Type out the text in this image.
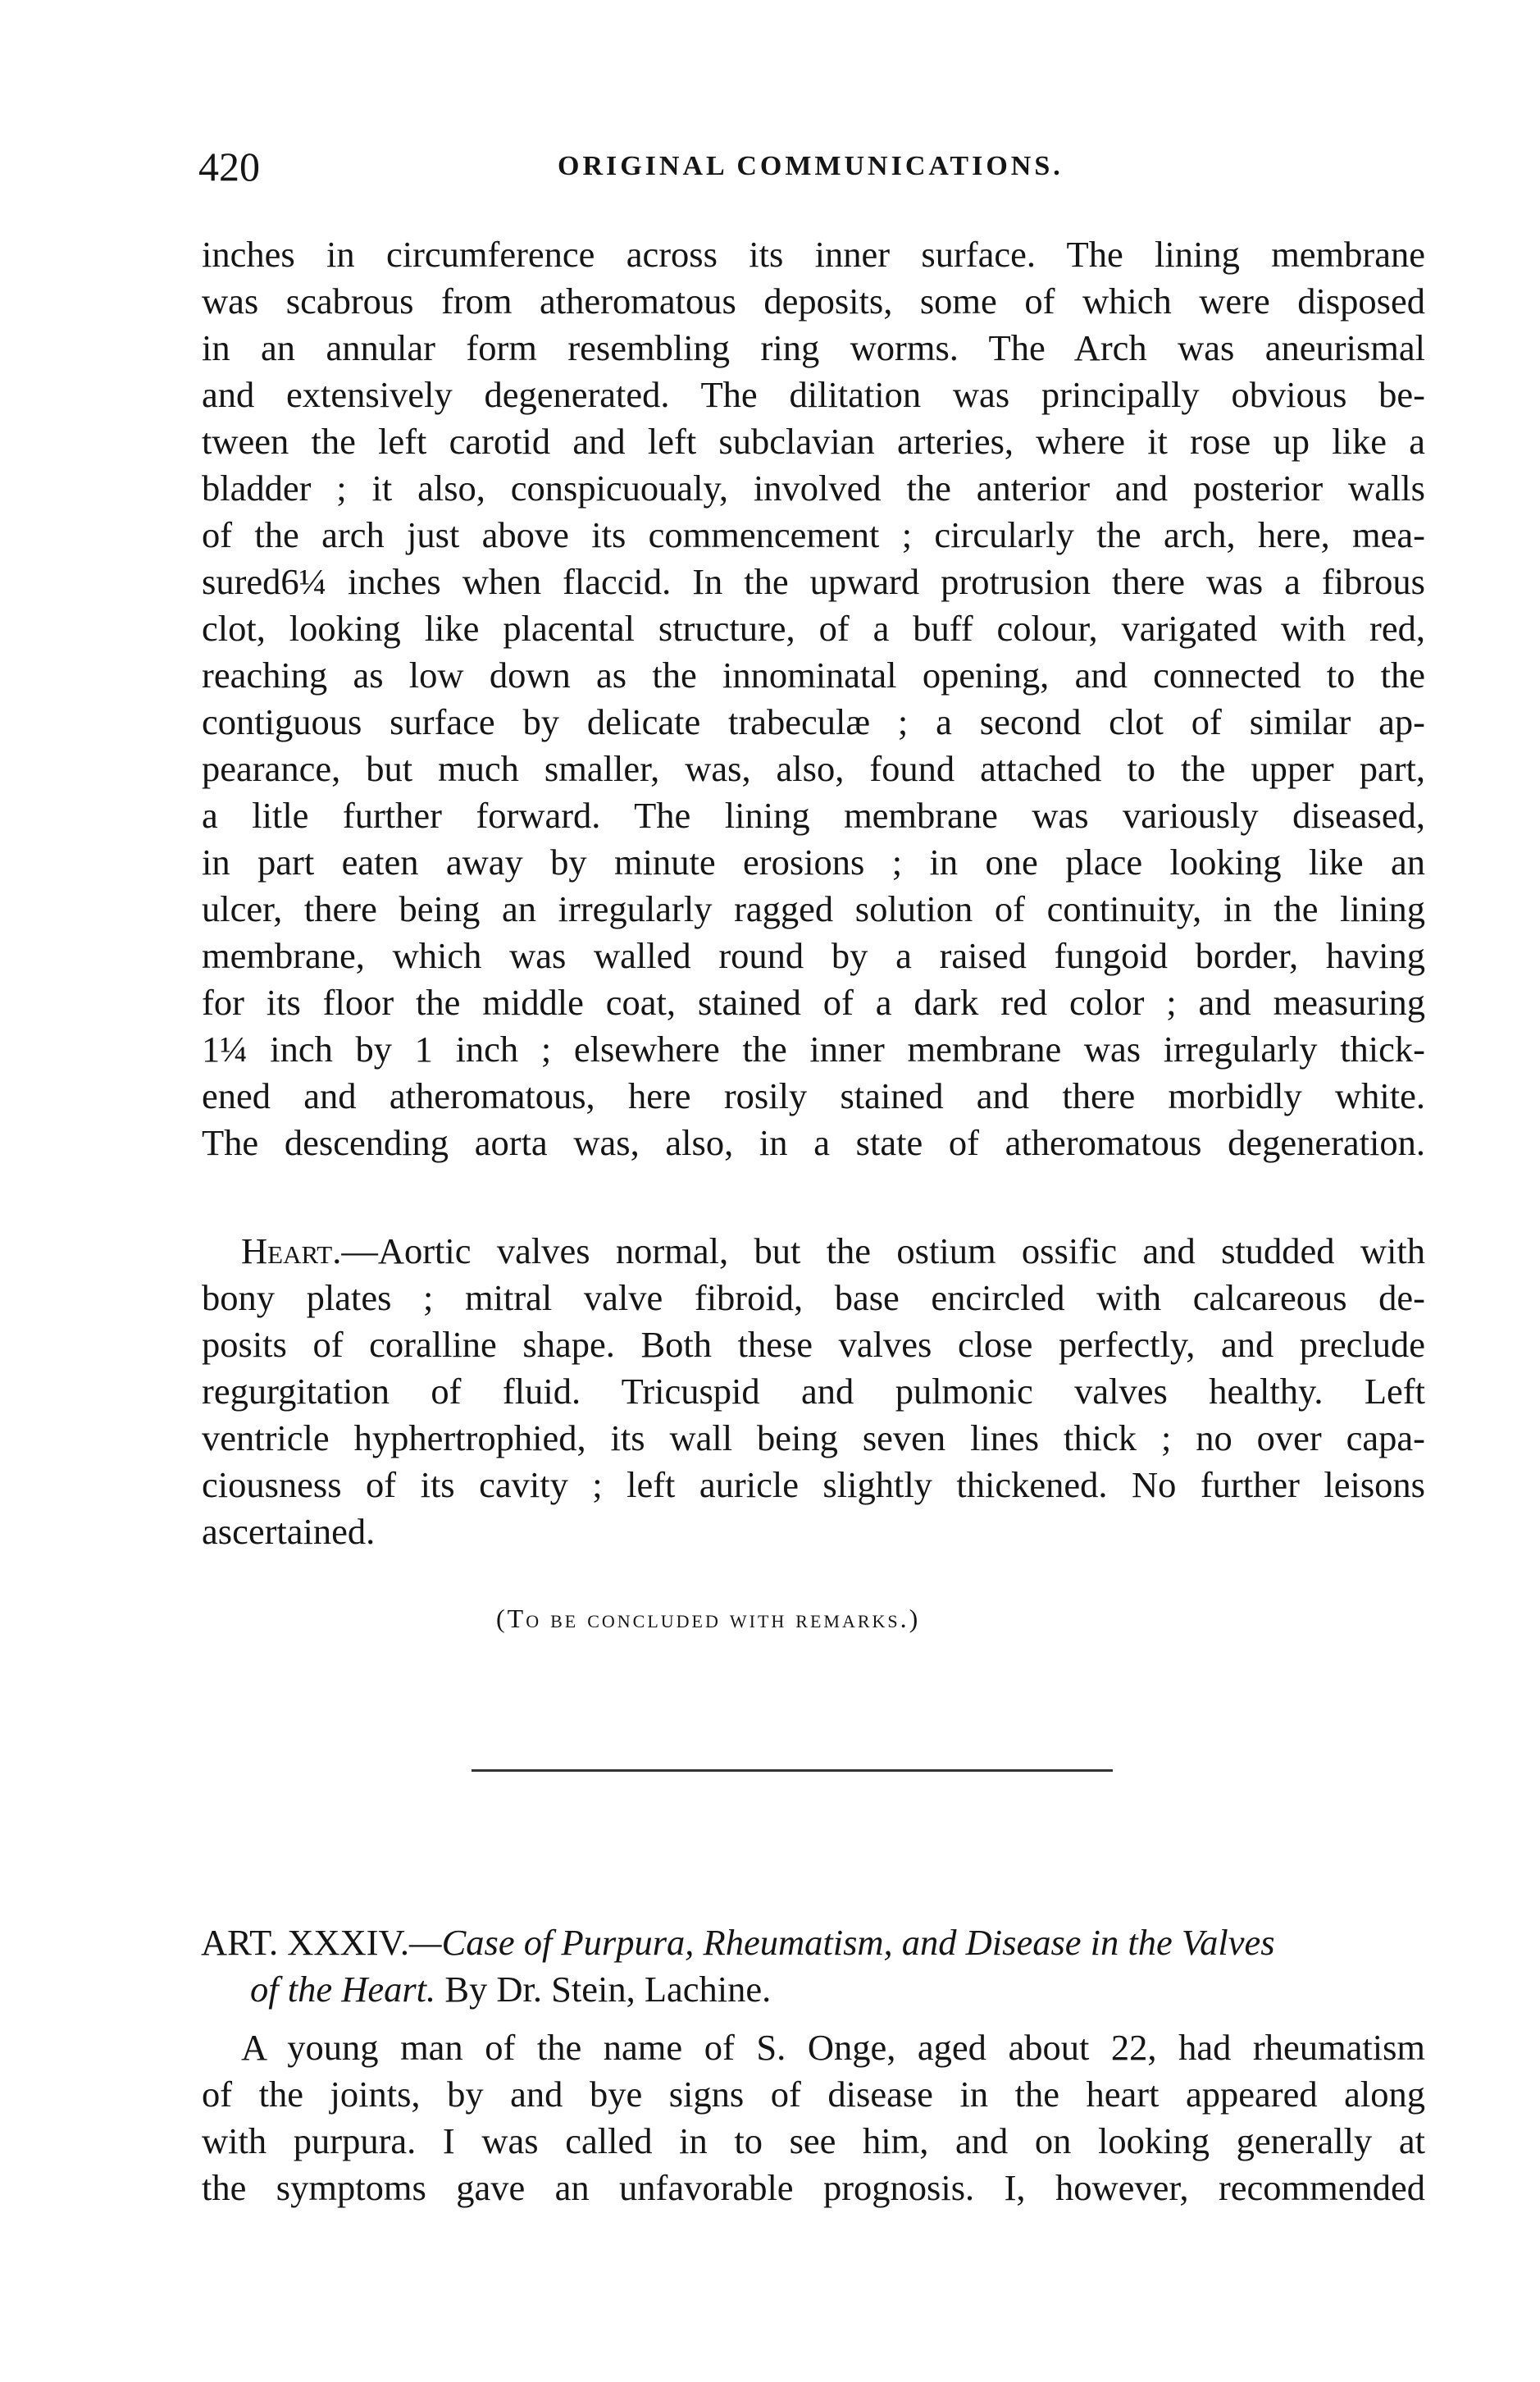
420	ORIGINAL COMMUNICATIONS.
inches in circumference across its inner surface. The lining membrane
was scabrous from atheromatous deposits, some of which were disposed
in an annular form resembling ring worms. The Arch was aneurismal
and extensively degenerated. The dilitation was principally obvious be-
tween the left carotid and left subclavian arteries, where it rose up like a
bladder ; it also, conspicuoualy, involved the anterior and posterior walls
of the arch just above its commencement ; circularly the arch, here, mea-
sured6¼ inches when flaccid. In the upward protrusion there was a fibrous
clot, looking like placental structure, of a buff colour, varigated with red,
reaching as low down as the innominatal opening, and connected to the
contiguous surface by delicate trabeculæ ; a second clot of similar ap-
pearance, but much smaller, was, also, found attached to the upper part,
a litle further forward. The lining membrane was variously diseased,
in part eaten away by minute erosions ; in one place looking like an
ulcer, there being an irregularly ragged solution of continuity, in the lining
membrane, which was walled round by a raised fungoid border, having
for its floor the middle coat, stained of a dark red color ; and measuring
1¼ inch by 1 inch ; elsewhere the inner membrane was irregularly thick-
ened and atheromatous, here rosily stained and there morbidly white.
The descending aorta was, also, in a state of atheromatous degeneration.
Heart.—Aortic valves normal, but the ostium ossific and studded with
bony plates ; mitral valve fibroid, base encircled with calcareous de-
posits of coralline shape. Both these valves close perfectly, and preclude
regurgitation of fluid. Tricuspid and pulmonic valves healthy. Left
ventricle hyphertrophied, its wall being seven lines thick ; no over capa-
ciousness of its cavity ; left auricle slightly thickened. No further leisons
ascertained.
(To be concluded with remarks.)
ART. XXXIV.—Case of Purpura, Rheumatism, and Disease in the Valves
of the Heart. By Dr. Stein, Lachine.
A young man of the name of S. Onge, aged about 22, had rheumatism
of the joints, by and bye signs of disease in the heart appeared along
with purpura. I was called in to see him, and on looking generally at
the symptoms gave an unfavorable prognosis. I, however, recommended
